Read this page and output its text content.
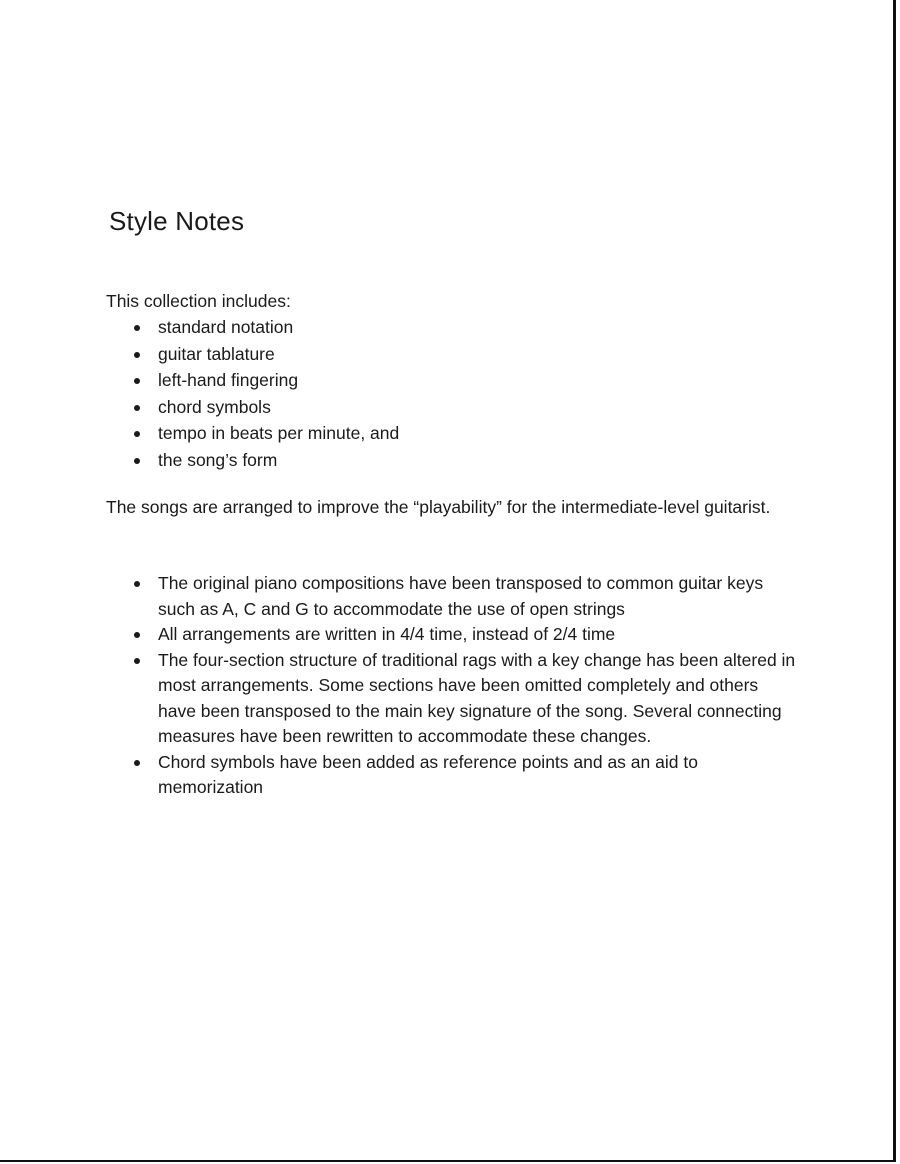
Style Notes

This collection includes:

standard notation
guitar tablature
left-hand fingering
chord symbols
tempo in beats per minute, and
the song’s form

The songs are arranged to improve the “playability” for the intermediate-level guitarist.

The original piano compositions have been transposed to common guitar keys such as A, C and G to accommodate the use of open strings
All arrangements are written in 4/4 time, instead of 2/4 time
The four-section structure of traditional rags with a key change has been altered in most arrangements. Some sections have been omitted completely and others have been transposed to the main key signature of the song. Several connecting measures have been rewritten to accommodate these changes.
Chord symbols have been added as reference points and as an aid to memorization
